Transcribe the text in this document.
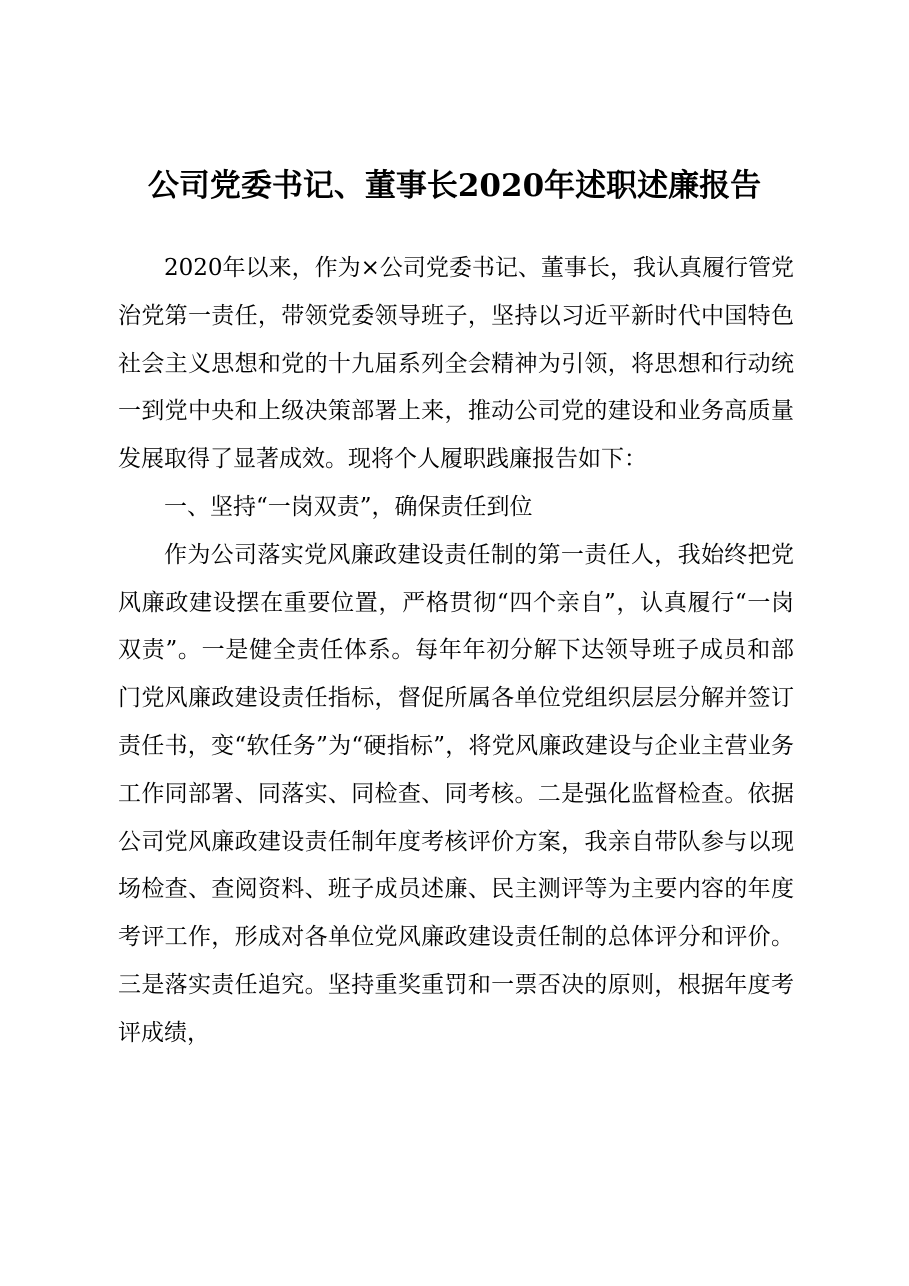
公司党委书记、董事长2020年述职述廉报告

2020年以来，作为×公司党委书记、董事长，我认真履行管党治党第一责任，带领党委领导班子，坚持以习近平新时代中国特色社会主义思想和党的十九届系列全会精神为引领，将思想和行动统一到党中央和上级决策部署上来，推动公司党的建设和业务高质量发展取得了显著成效。现将个人履职践廉报告如下：

一、坚持“一岗双责”，确保责任到位

作为公司落实党风廉政建设责任制的第一责任人，我始终把党风廉政建设摆在重要位置，严格贯彻“四个亲自”，认真履行“一岗双责”。一是健全责任体系。每年年初分解下达领导班子成员和部门党风廉政建设责任指标，督促所属各单位党组织层层分解并签订责任书，变“软任务”为“硬指标”，将党风廉政建设与企业主营业务工作同部署、同落实、同检查、同考核。二是强化监督检查。依据公司党风廉政建设责任制年度考核评价方案，我亲自带队参与以现场检查、查阅资料、班子成员述廉、民主测评等为主要内容的年度考评工作，形成对各单位党风廉政建设责任制的总体评分和评价。三是落实责任追究。坚持重奖重罚和一票否决的原则，根据年度考评成绩，
